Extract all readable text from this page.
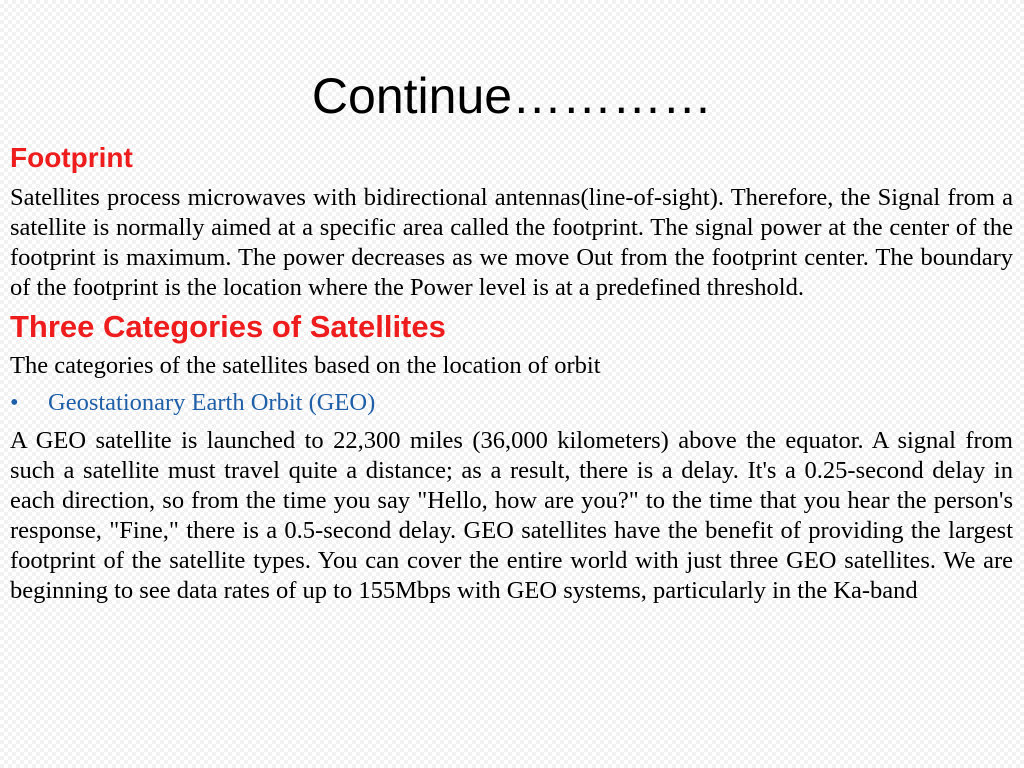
Continue…………
Footprint

Satellites process microwaves with bidirectional antennas(line-of-sight). Therefore, the Signal from a satellite is normally aimed at a specific area called the footprint. The signal power at the center of the footprint is maximum. The power decreases as we move Out from the footprint center. The boundary of the footprint is the location where the Power level is at a predefined threshold.

Three Categories of Satellites

The categories of the satellites based on the location of orbit

•	Geostationary Earth Orbit (GEO)

A GEO satellite is launched to 22,300 miles (36,000 kilometers) above the equator. A signal from such a satellite must travel quite a distance; as a result, there is a delay. It's a 0.25-second delay in each direction, so from the time you say "Hello, how are you?" to the time that you hear the person's response, "Fine," there is a 0.5-second delay. GEO satellites have the benefit of providing the largest footprint of the satellite types. You can cover the entire world with just three GEO satellites. We are beginning to see data rates of up to 155Mbps with GEO systems, particularly in the Ka-band
